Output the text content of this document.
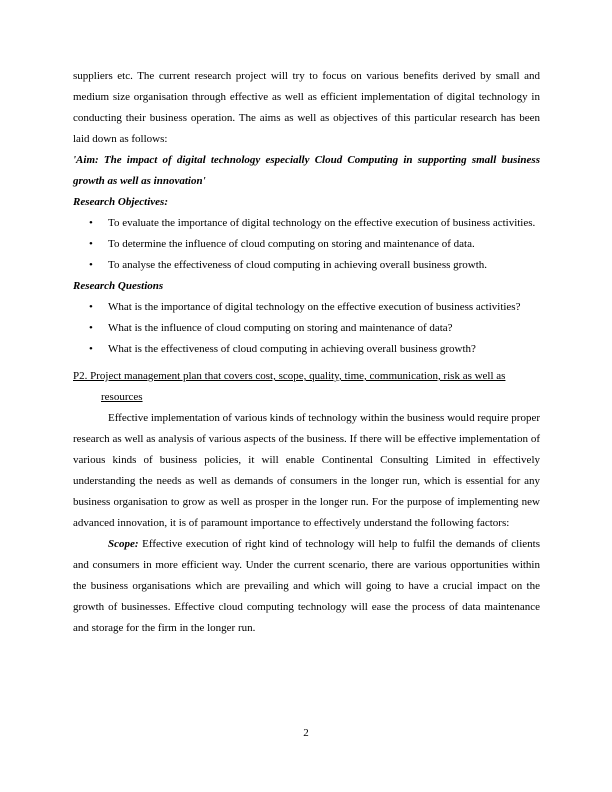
suppliers etc. The current research project will try to focus on various benefits derived by small and medium size organisation through effective as well as efficient implementation of digital technology in conducting their business operation. The aims as well as objectives of this particular research has been laid down as follows:

'Aim: The impact of digital technology especially Cloud Computing in supporting small business growth as well as innovation'

Research Objectives:

• To evaluate the importance of digital technology on the effective execution of business activities.
• To determine the influence of cloud computing on storing and maintenance of data.
• To analyse the effectiveness of cloud computing in achieving overall business growth.

Research Questions

• What is the importance of digital technology on the effective execution of business activities?
• What is the influence of cloud computing on storing and maintenance of data?
• What is the effectiveness of cloud computing in achieving overall business growth?

P2. Project management plan that covers cost, scope, quality, time, communication, risk as well as resources

Effective implementation of various kinds of technology within the business would require proper research as well as analysis of various aspects of the business. If there will be effective implementation of various kinds of business policies, it will enable Continental Consulting Limited in effectively understanding the needs as well as demands of consumers in the longer run, which is essential for any business organisation to grow as well as prosper in the longer run. For the purpose of implementing new advanced innovation, it is of paramount importance to effectively understand the following factors:

Scope: Effective execution of right kind of technology will help to fulfil the demands of clients and consumers in more efficient way. Under the current scenario, there are various opportunities within the business organisations which are prevailing and which will going to have a crucial impact on the growth of businesses. Effective cloud computing technology will ease the process of data maintenance and storage for the firm in the longer run.

2
